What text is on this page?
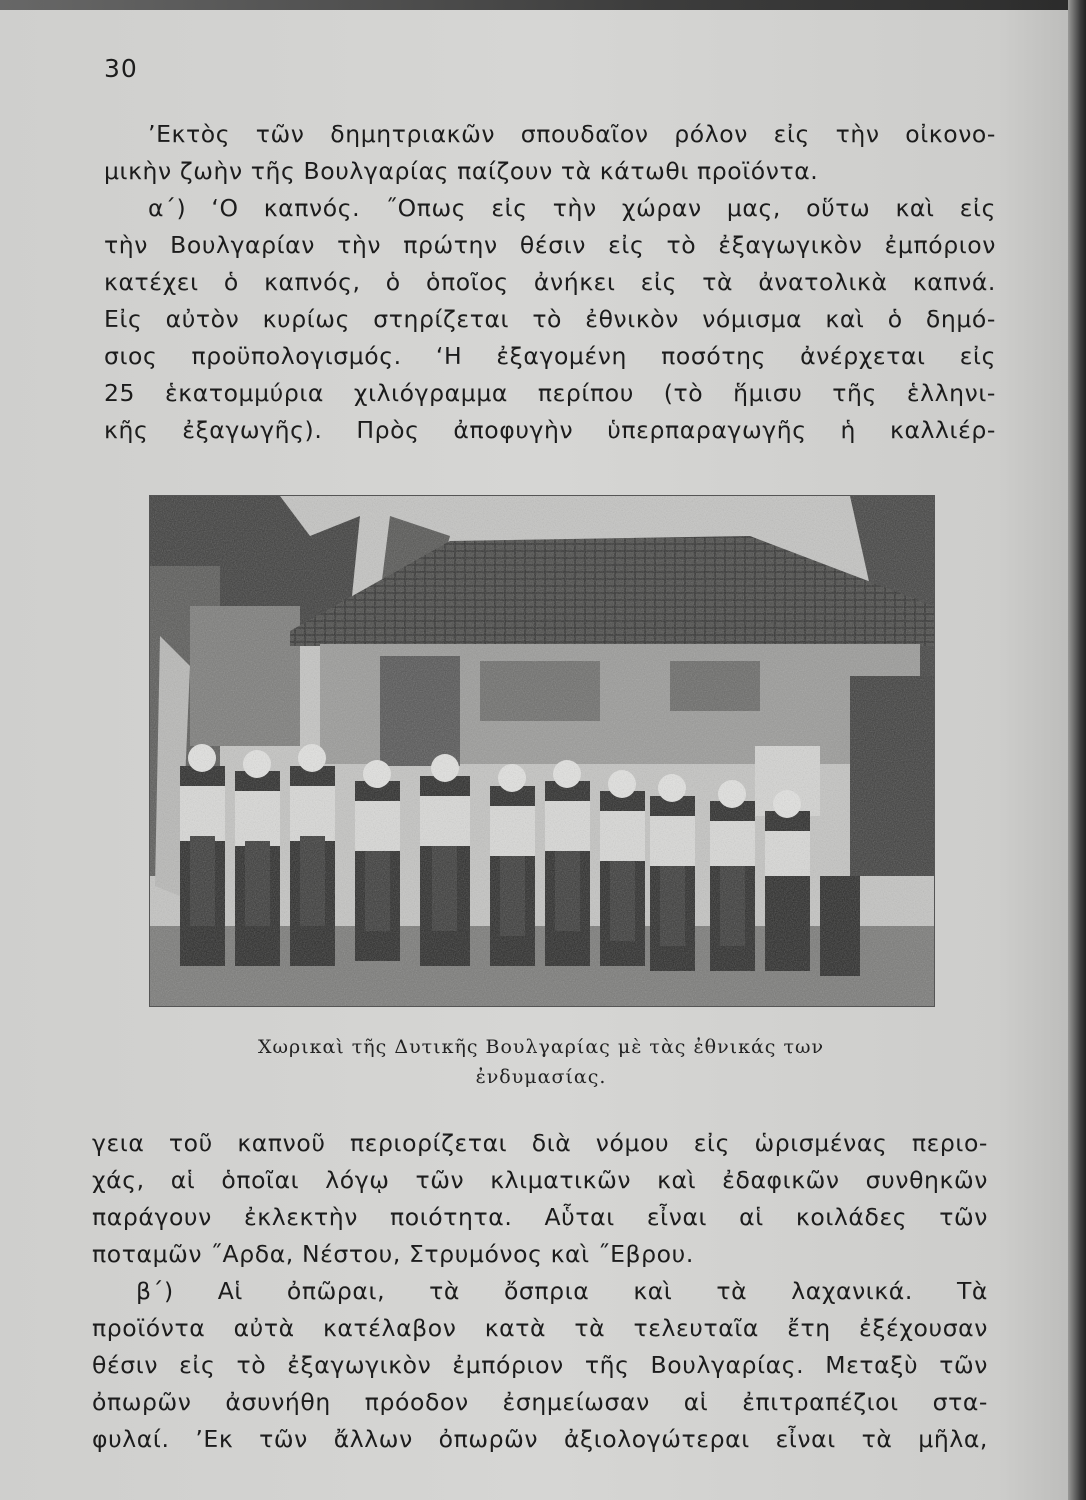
30
’Εκτὸς τῶν δημητριακῶν σπουδαῖον ρόλον εἰς τὴν οἰκονο-
μικὴν ζωὴν τῆς Βουλγαρίας παίζουν τὰ κάτωθι προϊόντα.
α΄) ‘Ο καπνός. ˝Οπως εἰς τὴν χώραν μας, οὕτω καὶ εἰς
τὴν Βουλγαρίαν τὴν πρώτην θέσιν εἰς τὸ ἐξαγωγικὸν ἐμπόριον
κατέχει ὁ καπνός, ὁ ὁποῖος ἀνήκει εἰς τὰ ἀνατολικὰ καπνά.
Εἰς αὐτὸν κυρίως στηρίζεται τὸ ἐθνικὸν νόμισμα καὶ ὁ δημό-
σιος προϋπολογισμός. ‘Η ἐξαγομένη ποσότης ἀνέρχεται εἰς
25 ἑκατομμύρια χιλιόγραμμα περίπου (τὸ ἥμισυ τῆς ἑλληνι-
κῆς ἐξαγωγῆς). Πρὸς ἀποφυγὴν ὑπερπαραγωγῆς ἡ καλλιέρ-
Χωρικαὶ τῆς Δυτικῆς Βουλγαρίας μὲ τὰς ἐθνικάς των
ἐνδυμασίας.
γεια τοῦ καπνοῦ περιορίζεται διὰ νόμου εἰς ὡρισμένας περιο-
χάς, αἱ ὁποῖαι λόγῳ τῶν κλιματικῶν καὶ ἐδαφικῶν συνθηκῶν
παράγουν ἐκλεκτὴν ποιότητα. Αὗται εἶναι αἱ κοιλάδες τῶν
ποταμῶν ˝Αρδα, Νέστου, Στρυμόνος καὶ ˝Εβρου.
β΄) Αἱ ὀπῶραι, τὰ ὄσπρια καὶ τὰ λαχανικά. Τὰ
προϊόντα αὐτὰ κατέλαβον κατὰ τὰ τελευταῖα ἔτη ἐξέχουσαν
θέσιν εἰς τὸ ἐξαγωγικὸν ἐμπόριον τῆς Βουλγαρίας. Μεταξὺ τῶν
ὀπωρῶν ἀσυνήθη πρόοδον ἐσημείωσαν αἱ ἐπιτραπέζιοι στα-
φυλαί. ’Εκ τῶν ἄλλων ὀπωρῶν ἀξιολογώτεραι εἶναι τὰ μῆλα,
